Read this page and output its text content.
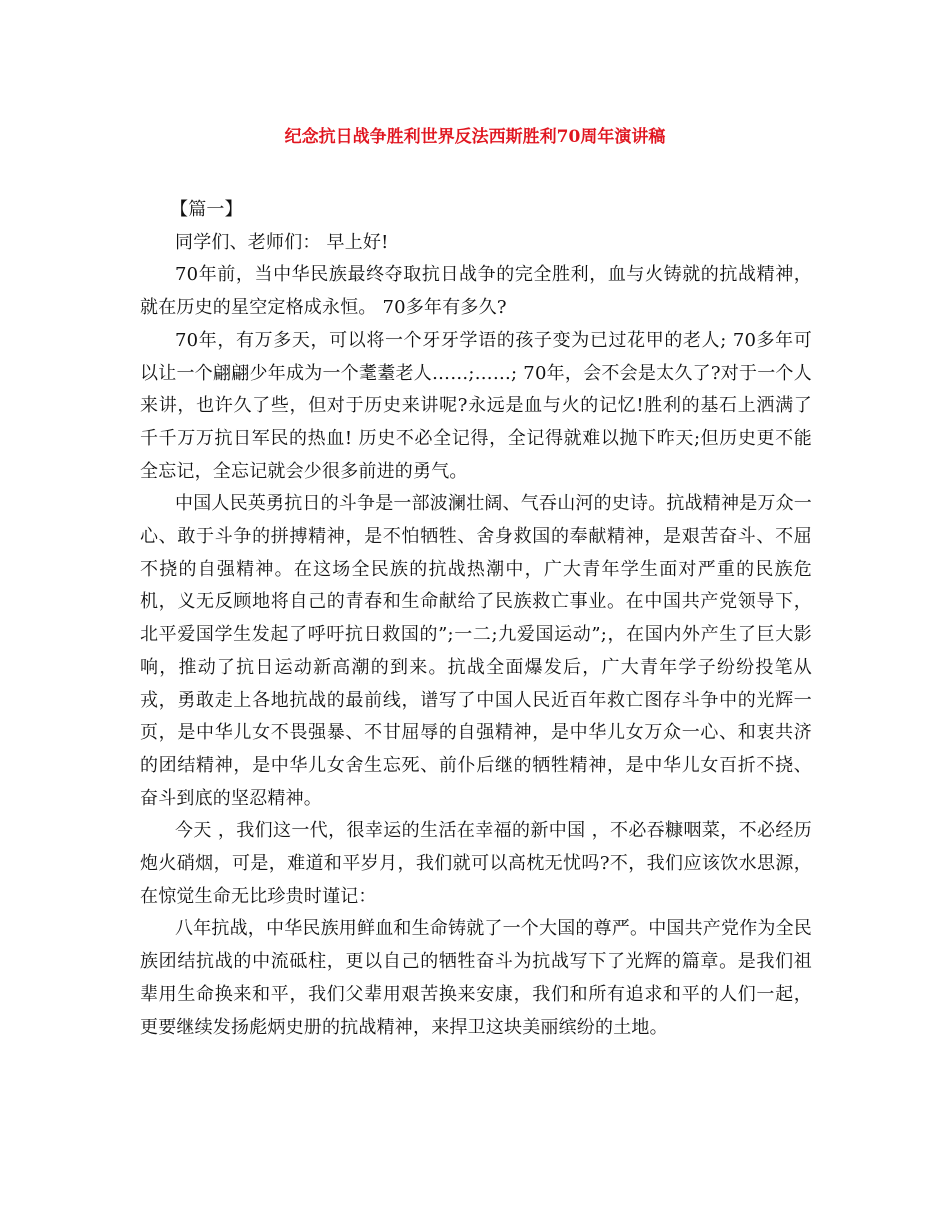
纪念抗日战争胜利世界反法西斯胜利70周年演讲稿

【篇一】

同学们、老师们： 早上好!

70年前，当中华民族最终夺取抗日战争的完全胜利，血与火铸就的抗战精神，就在历史的星空定格成永恒。 70多年有多久?

70年，有万多天，可以将一个牙牙学语的孩子变为已过花甲的老人; 70多年可以让一个翩翩少年成为一个耄耋老人……;……; 70年，会不会是太久了?对于一个人来讲，也许久了些，但对于历史来讲呢?永远是血与火的记忆!胜利的基石上洒满了千千万万抗日军民的热血! 历史不必全记得，全记得就难以抛下昨天;但历史更不能全忘记，全忘记就会少很多前进的勇气。

中国人民英勇抗日的斗争是一部波澜壮阔、气吞山河的史诗。抗战精神是万众一心、敢于斗争的拼搏精神，是不怕牺牲、舍身救国的奉献精神，是艰苦奋斗、不屈不挠的自强精神。在这场全民族的抗战热潮中，广大青年学生面对严重的民族危机，义无反顾地将自己的青春和生命献给了民族救亡事业。在中国共产党领导下，北平爱国学生发起了呼吁抗日救国的”;一二;九爱国运动”;，在国内外产生了巨大影响，推动了抗日运动新高潮的到来。抗战全面爆发后，广大青年学子纷纷投笔从戎，勇敢走上各地抗战的最前线，谱写了中国人民近百年救亡图存斗争中的光辉一页，是中华儿女不畏强暴、不甘屈辱的自强精神，是中华儿女万众一心、和衷共济的团结精神，是中华儿女舍生忘死、前仆后继的牺牲精神，是中华儿女百折不挠、奋斗到底的坚忍精神。

今天 ，我们这一代，很幸运的生活在幸福的新中国 ，不必吞糠咽菜，不必经历炮火硝烟，可是，难道和平岁月，我们就可以高枕无忧吗?不，我们应该饮水思源，在惊觉生命无比珍贵时谨记：

八年抗战，中华民族用鲜血和生命铸就了一个大国的尊严。中国共产党作为全民族团结抗战的中流砥柱，更以自己的牺牲奋斗为抗战写下了光辉的篇章。是我们祖辈用生命换来和平，我们父辈用艰苦换来安康，我们和所有追求和平的人们一起，更要继续发扬彪炳史册的抗战精神，来捍卫这块美丽缤纷的土地。
